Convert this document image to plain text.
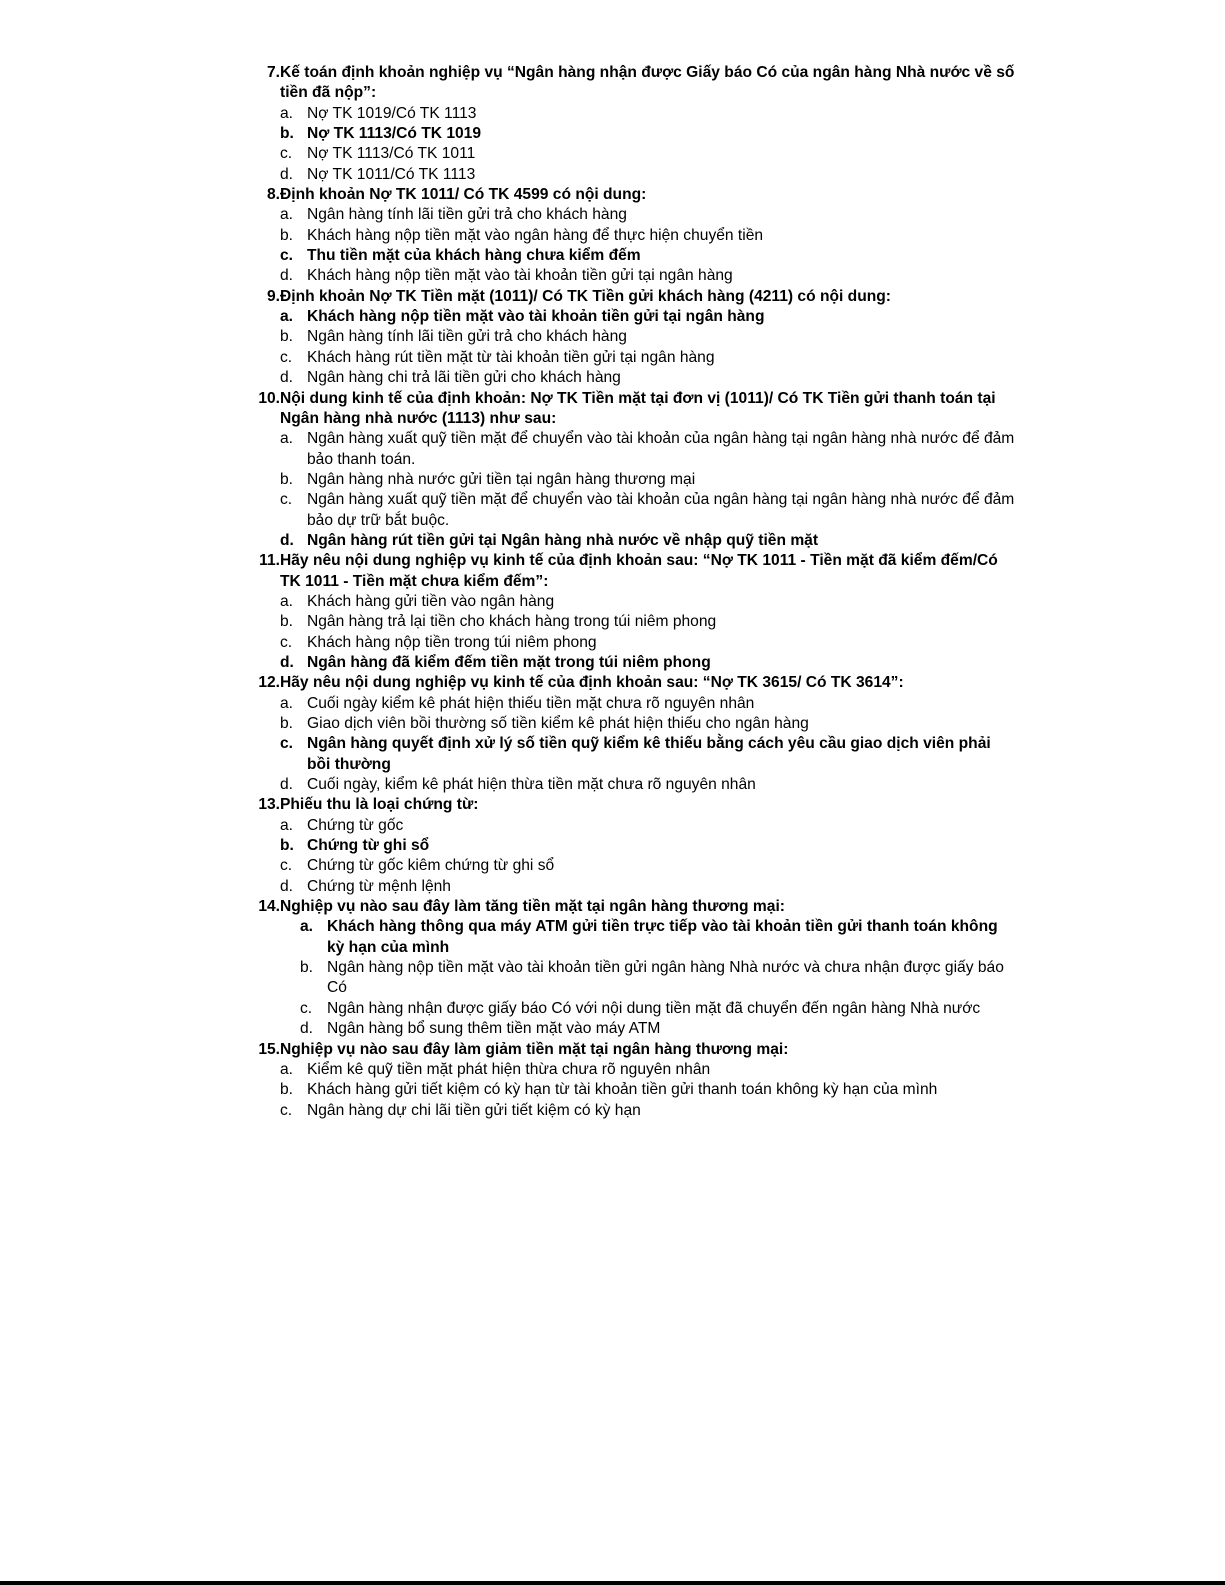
7. Kế toán định khoản nghiệp vụ “Ngân hàng nhận được Giấy báo Có của ngân hàng Nhà nước về số tiền đã nộp”:
a. Nợ TK 1019/Có TK 1113
b. Nợ TK 1113/Có TK 1019
c. Nợ TK 1113/Có TK 1011
d. Nợ TK 1011/Có TK 1113
8. Định khoản Nợ TK 1011/ Có TK 4599 có nội dung:
a. Ngân hàng tính lãi tiền gửi trả cho khách hàng
b. Khách hàng nộp tiền mặt vào ngân hàng để thực hiện chuyển tiền
c. Thu tiền mặt của khách hàng chưa kiểm đếm
d. Khách hàng nộp tiền mặt vào tài khoản tiền gửi tại ngân hàng
9. Định khoản Nợ TK Tiền mặt (1011)/ Có TK Tiền gửi khách hàng (4211) có nội dung:
a. Khách hàng nộp tiền mặt vào tài khoản tiền gửi tại ngân hàng
b. Ngân hàng tính lãi tiền gửi trả cho khách hàng
c. Khách hàng rút tiền mặt từ tài khoản tiền gửi tại ngân hàng
d. Ngân hàng chi trả lãi tiền gửi cho khách hàng
10. Nội dung kinh tế của định khoản: Nợ TK Tiền mặt tại đơn vị (1011)/ Có TK Tiền gửi thanh toán tại Ngân hàng nhà nước (1113) như sau:
a. Ngân hàng xuất quỹ tiền mặt để chuyển vào tài khoản của ngân hàng tại ngân hàng nhà nước để đảm bảo thanh toán.
b. Ngân hàng nhà nước gửi tiền tại ngân hàng thương mại
c. Ngân hàng xuất quỹ tiền mặt để chuyển vào tài khoản của ngân hàng tại ngân hàng nhà nước để đảm bảo dự trữ bắt buộc.
d. Ngân hàng rút tiền gửi tại Ngân hàng nhà nước về nhập quỹ tiền mặt
11. Hãy nêu nội dung nghiệp vụ kinh tế của định khoản sau: “Nợ TK 1011 - Tiền mặt đã kiểm đếm/Có TK 1011 - Tiền mặt chưa kiểm đếm”:
a. Khách hàng gửi tiền vào ngân hàng
b. Ngân hàng trả lại tiền cho khách hàng trong túi niêm phong
c. Khách hàng nộp tiền trong túi niêm phong
d. Ngân hàng đã kiểm đếm tiền mặt trong túi niêm phong
12. Hãy nêu nội dung nghiệp vụ kinh tế của định khoản sau: “Nợ TK 3615/ Có TK 3614”:
a. Cuối ngày kiểm kê phát hiện thiếu tiền mặt chưa rõ nguyên nhân
b. Giao dịch viên bồi thường số tiền kiểm kê phát hiện thiếu cho ngân hàng
c. Ngân hàng quyết định xử lý số tiền quỹ kiểm kê thiếu bằng cách yêu cầu giao dịch viên phải bồi thường
d. Cuối ngày, kiểm kê phát hiện thừa tiền mặt chưa rõ nguyên nhân
13. Phiếu thu là loại chứng từ:
a. Chứng từ gốc
b. Chứng từ ghi sổ
c. Chứng từ gốc kiêm chứng từ ghi sổ
d. Chứng từ mệnh lệnh
14. Nghiệp vụ nào sau đây làm tăng tiền mặt tại ngân hàng thương mại:
a. Khách hàng thông qua máy ATM gửi tiền trực tiếp vào tài khoản tiền gửi thanh toán không kỳ hạn của mình
b. Ngân hàng nộp tiền mặt vào tài khoản tiền gửi ngân hàng Nhà nước và chưa nhận được giấy báo Có
c. Ngân hàng nhận được giấy báo Có với nội dung tiền mặt đã chuyển đến ngân hàng Nhà nước
d. Ngân hàng bổ sung thêm tiền mặt vào máy ATM
15. Nghiệp vụ nào sau đây làm giảm tiền mặt tại ngân hàng thương mại:
a. Kiểm kê quỹ tiền mặt phát hiện thừa chưa rõ nguyên nhân
b. Khách hàng gửi tiết kiệm có kỳ hạn từ tài khoản tiền gửi thanh toán không kỳ hạn của mình
c. Ngân hàng dự chi lãi tiền gửi tiết kiệm có kỳ hạn
